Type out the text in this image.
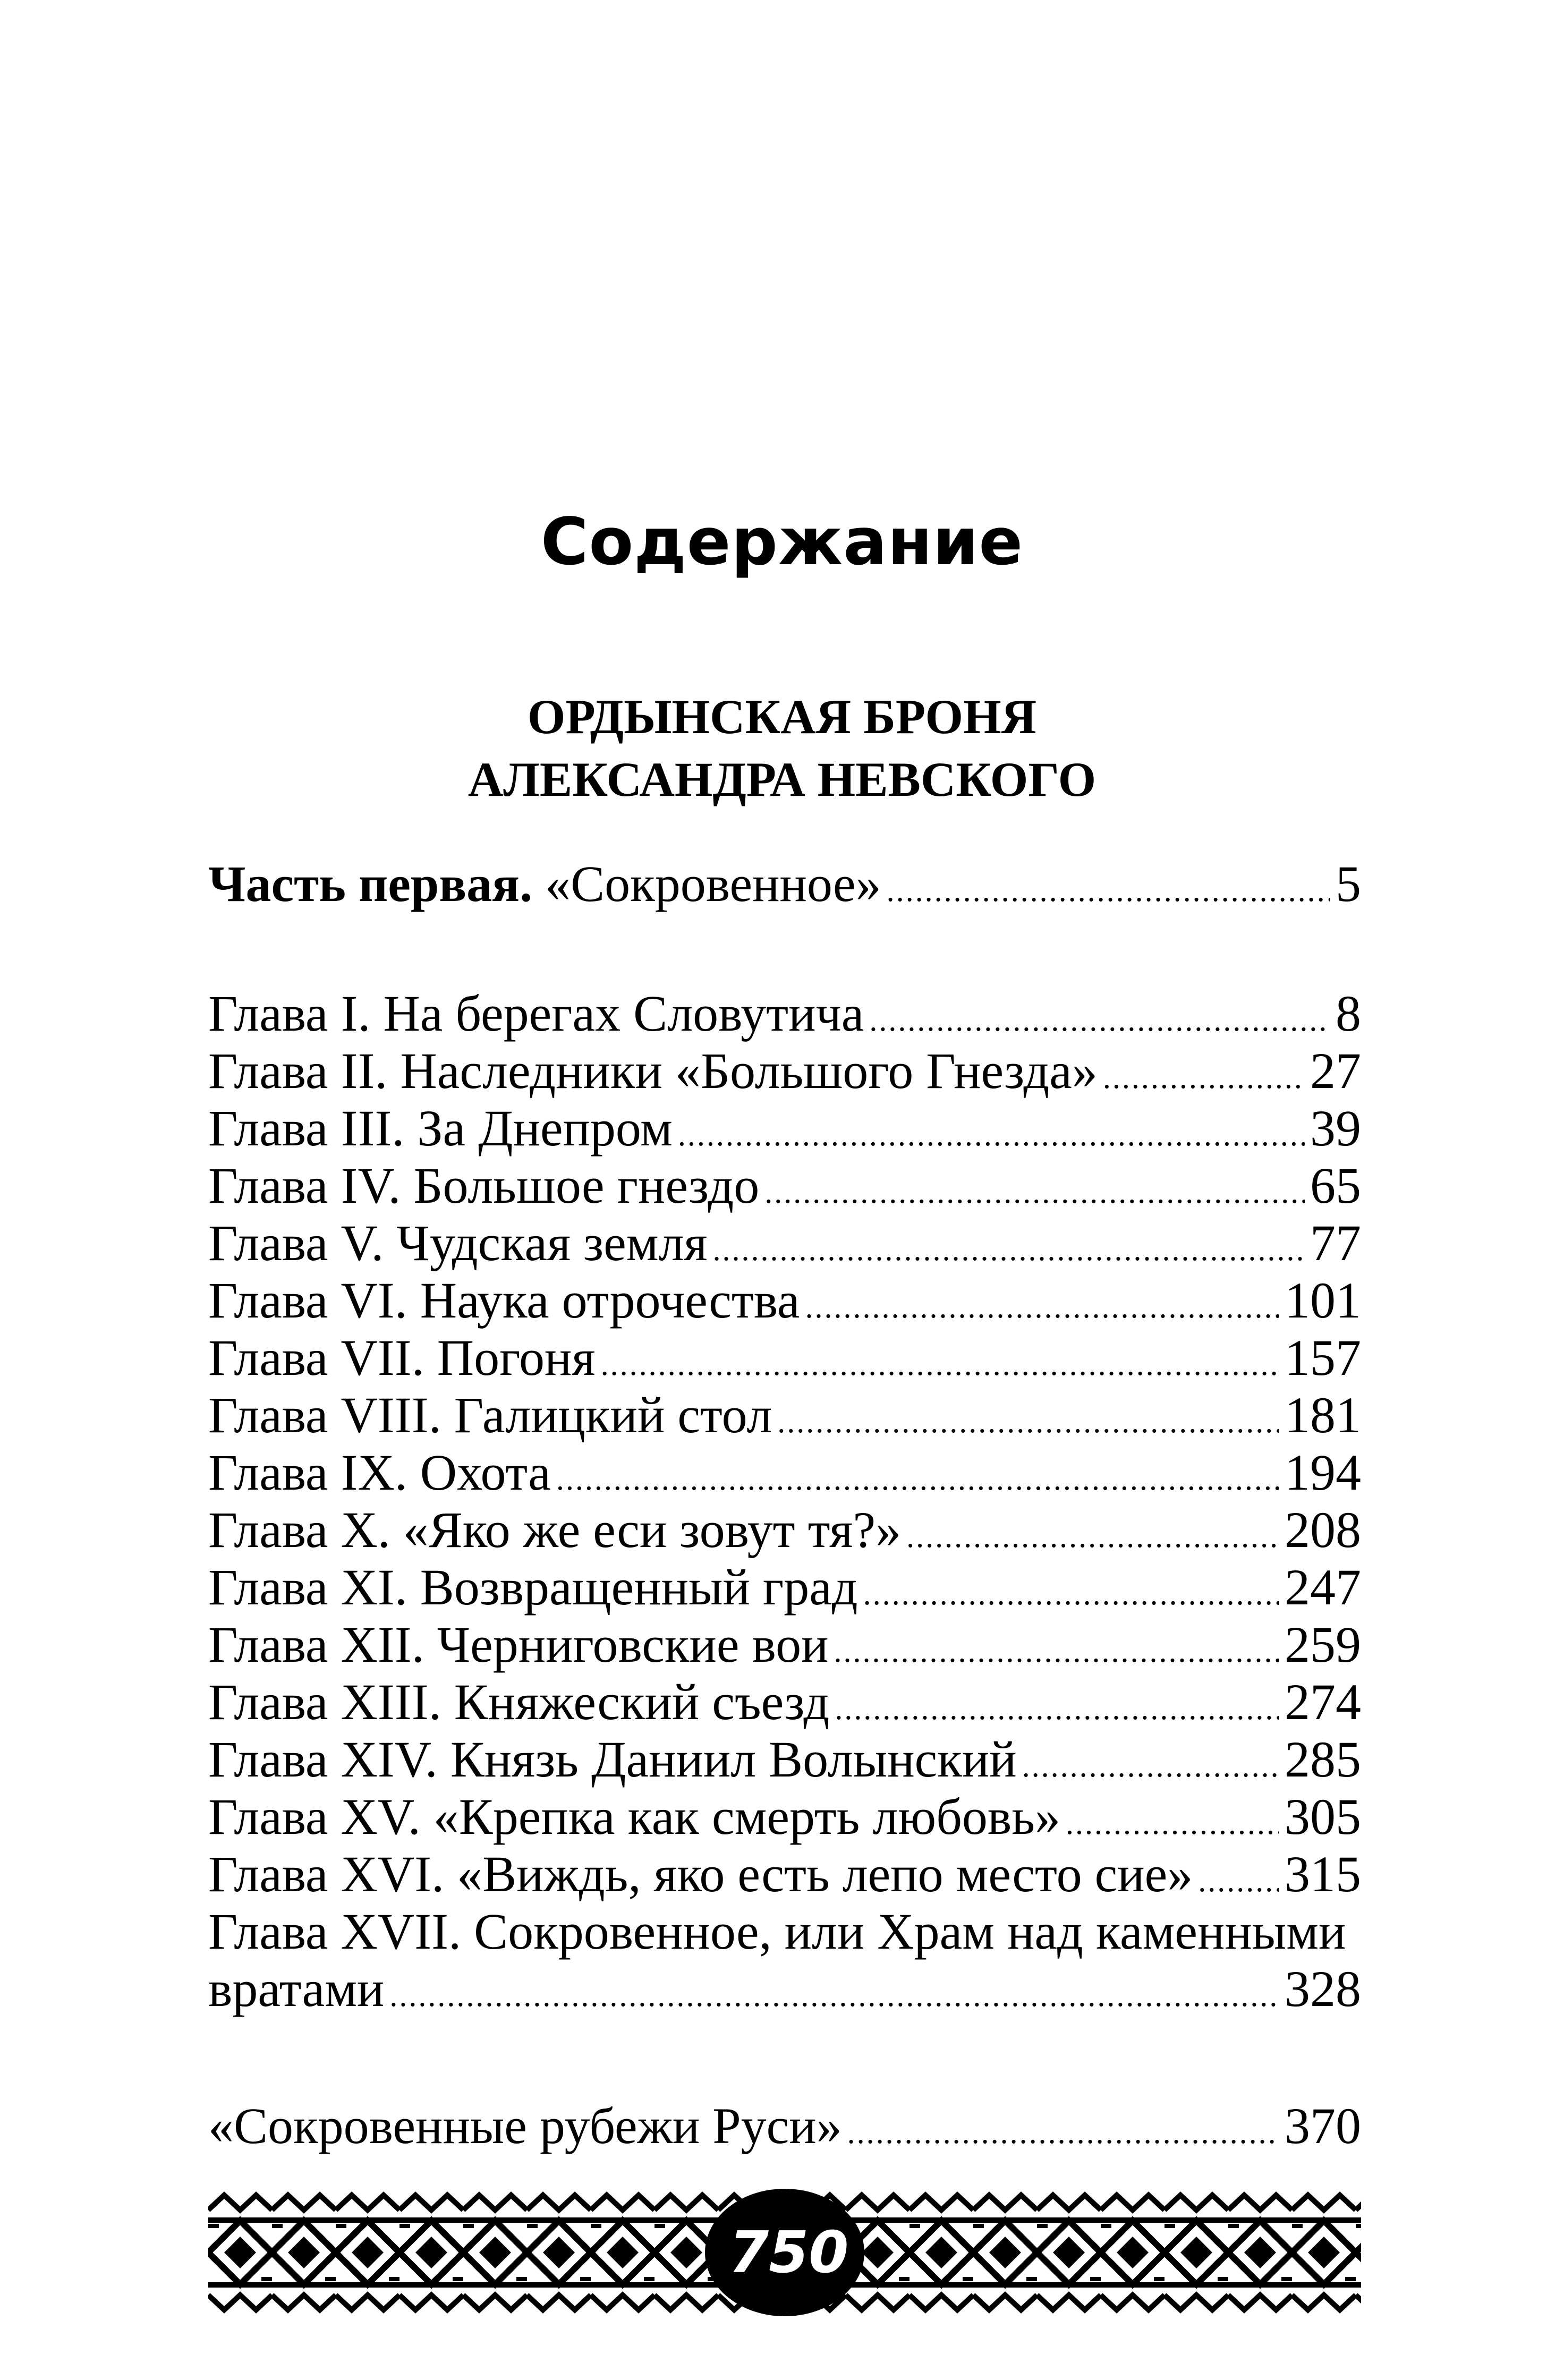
Содержание
ОРДЫНСКАЯ БРОНЯ
АЛЕКСАНДРА НЕВСКОГО
Часть первая. «Сокровенное» .....	5
Глава I. На берегах Словутича .....	8
Глава II. Наследники «Большого Гнезда» .....	27
Глава III. За Днепром .....	39
Глава IV. Большое гнездо .....	65
Глава V. Чудская земля .....	77
Глава VI. Наука отрочества .....	101
Глава VII. Погоня .....	157
Глава VIII. Галицкий стол .....	181
Глава IX. Охота .....	194
Глава X. «Яко же еси зовут тя?» .....	208
Глава XI. Возвращенный град .....	247
Глава XII. Черниговские вои .....	259
Глава XIII. Княжеский съезд .....	274
Глава XIV. Князь Даниил Волынский .....	285
Глава XV. «Крепка как смерть любовь» .....	305
Глава XVI. «Виждь, яко есть лепо место сие» ..... 315
Глава XVII. Сокровенное, или Храм над каменными
вратами .....	328
«Сокровенные рубежи Руси» .....	370
750
